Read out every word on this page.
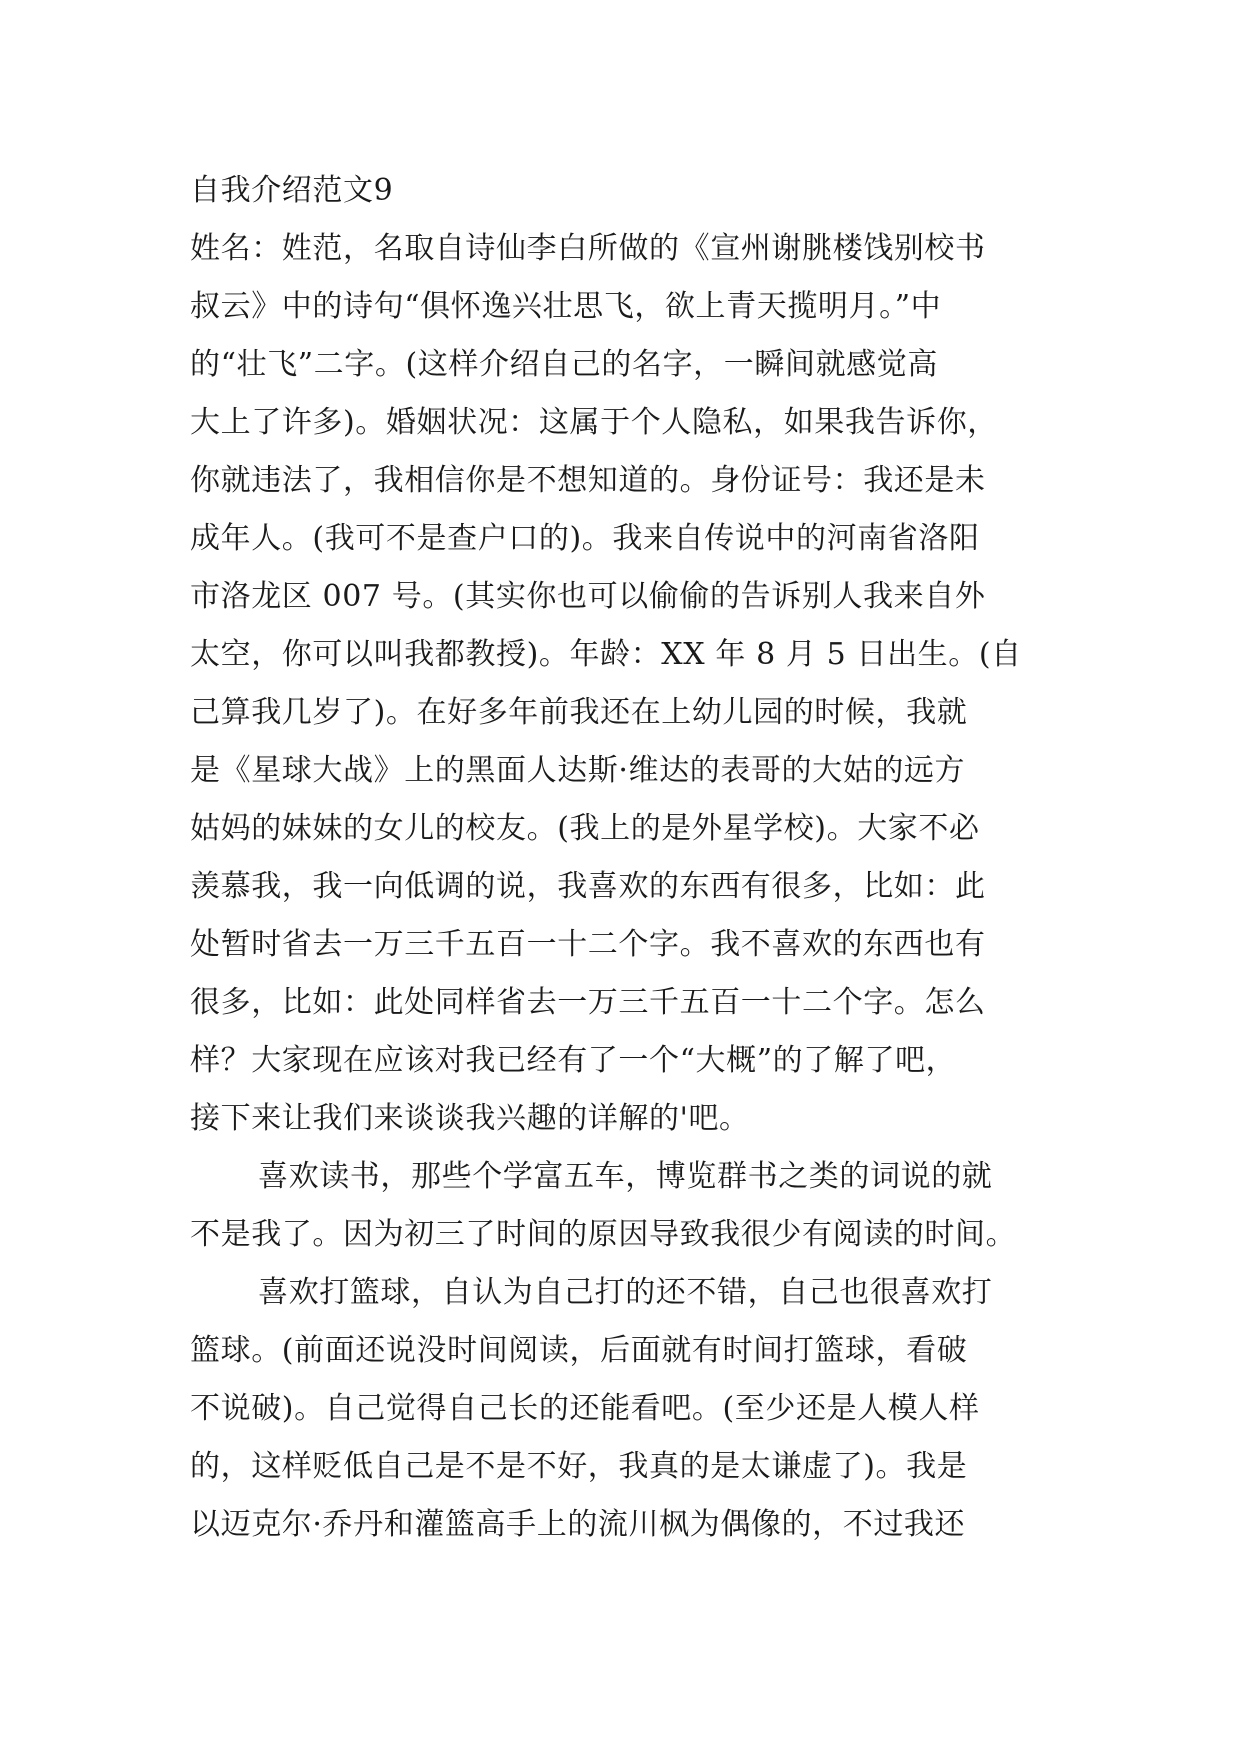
自我介绍范文9
姓名：姓范，名取自诗仙李白所做的《宣州谢朓楼饯别校书
叔云》中的诗句“俱怀逸兴壮思飞，欲上青天揽明月。”中
的“壮飞”二字。(这样介绍自己的名字，一瞬间就感觉高
大上了许多)。婚姻状况：这属于个人隐私，如果我告诉你，
你就违法了，我相信你是不想知道的。身份证号：我还是未
成年人。(我可不是查户口的)。我来自传说中的河南省洛阳
市洛龙区 007 号。(其实你也可以偷偷的告诉别人我来自外
太空，你可以叫我都教授)。年龄：XX 年 8 月 5 日出生。(自
己算我几岁了)。在好多年前我还在上幼儿园的时候，我就
是《星球大战》上的黑面人达斯·维达的表哥的大姑的远方
姑妈的妹妹的女儿的校友。(我上的是外星学校)。大家不必
羡慕我，我一向低调的说，我喜欢的东西有很多，比如：此
处暂时省去一万三千五百一十二个字。我不喜欢的东西也有
很多，比如：此处同样省去一万三千五百一十二个字。怎么
样？大家现在应该对我已经有了一个“大概”的了解了吧，
接下来让我们来谈谈我兴趣的详解的'吧。
喜欢读书，那些个学富五车，博览群书之类的词说的就
不是我了。因为初三了时间的原因导致我很少有阅读的时间。
喜欢打篮球，自认为自己打的还不错，自己也很喜欢打
篮球。(前面还说没时间阅读，后面就有时间打篮球，看破
不说破)。自己觉得自己长的还能看吧。(至少还是人模人样
的，这样贬低自己是不是不好，我真的是太谦虚了)。我是
以迈克尔·乔丹和灌篮高手上的流川枫为偶像的，不过我还
